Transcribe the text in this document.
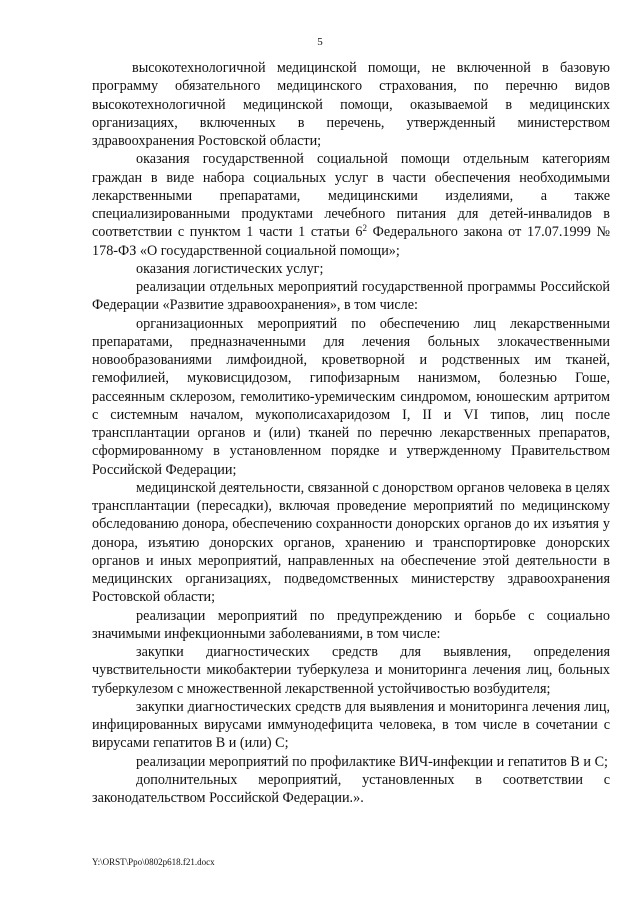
5

высокотехнологичной медицинской помощи, не включенной в базовую программу обязательного медицинского страхования, по перечню видов высокотехнологичной медицинской помощи, оказываемой в медицинских организациях, включенных в перечень, утвержденный министерством здравоохранения Ростовской области;

оказания государственной социальной помощи отдельным категориям граждан в виде набора социальных услуг в части обеспечения необходимыми лекарственными препаратами, медицинскими изделиями, а также специализированными продуктами лечебного питания для детей-инвалидов в соответствии с пунктом 1 части 1 статьи $6^2$ Федерального закона от 17.07.1999 № 178-ФЗ «О государственной социальной помощи»;

оказания логистических услуг;

реализации отдельных мероприятий государственной программы Российской Федерации «Развитие здравоохранения», в том числе:

организационных мероприятий по обеспечению лиц лекарственными препаратами, предназначенными для лечения больных злокачественными новообразованиями лимфоидной, кроветворной и родственных им тканей, гемофилией, муковисцидозом, гипофизарным нанизмом, болезнью Гоше, рассеянным склерозом, гемолитико-уремическим синдромом, юношеским артритом с системным началом, мукополисахаридозом I, II и VI типов, лиц после трансплантации органов и (или) тканей по перечню лекарственных препаратов, сформированному в установленном порядке и утвержденному Правительством Российской Федерации;

медицинской деятельности, связанной с донорством органов человека в целях трансплантации (пересадки), включая проведение мероприятий по медицинскому обследованию донора, обеспечению сохранности донорских органов до их изъятия у донора, изъятию донорских органов, хранению и транспортировке донорских органов и иных мероприятий, направленных на обеспечение этой деятельности в медицинских организациях, подведомственных министерству здравоохранения Ростовской области;

реализации мероприятий по предупреждению и борьбе с социально значимыми инфекционными заболеваниями, в том числе:

закупки диагностических средств для выявления, определения чувствительности микобактерии туберкулеза и мониторинга лечения лиц, больных туберкулезом с множественной лекарственной устойчивостью возбудителя;

закупки диагностических средств для выявления и мониторинга лечения лиц, инфицированных вирусами иммунодефицита человека, в том числе в сочетании с вирусами гепатитов В и (или) С;

реализации мероприятий по профилактике ВИЧ-инфекции и гепатитов В и С;

дополнительных мероприятий, установленных в соответствии с законодательством Российской Федерации.».

Y:\ORST\Ppo\0802p618.f21.docx
